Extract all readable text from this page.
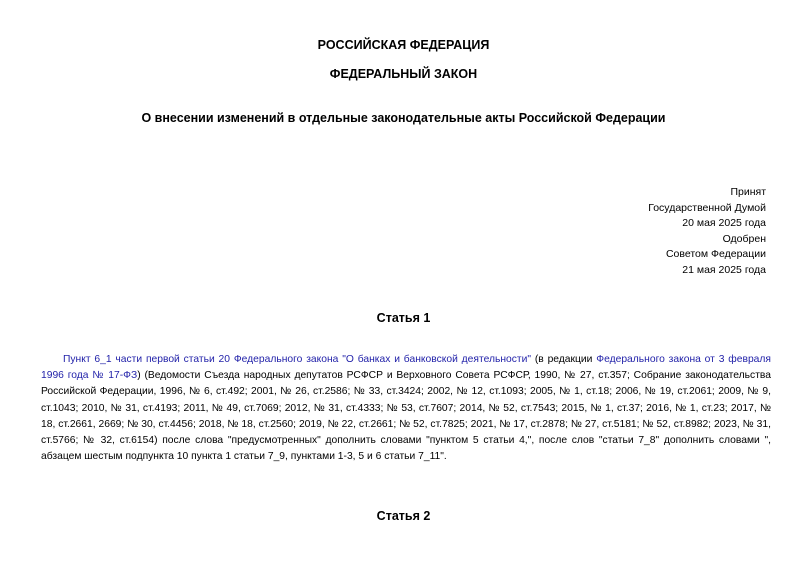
РОССИЙСКАЯ ФЕДЕРАЦИЯ
ФЕДЕРАЛЬНЫЙ ЗАКОН
О внесении изменений в отдельные законодательные акты Российской Федерации
Принят
Государственной Думой
20 мая 2025 года
Одобрен
Советом Федерации
21 мая 2025 года
Статья 1

Пункт 6_1 части первой статьи 20 Федерального закона "О банках и банковской деятельности" (в редакции Федерального закона от 3 февраля 1996 года № 17-ФЗ) (Ведомости Съезда народных депутатов РСФСР и Верховного Совета РСФСР, 1990, № 27, ст.357; Собрание законодательства Российской Федерации, 1996, № 6, ст.492; 2001, № 26, ст.2586; № 33, ст.3424; 2002, № 12, ст.1093; 2005, № 1, ст.18; 2006, № 19, ст.2061; 2009, № 9, ст.1043; 2010, № 31, ст.4193; 2011, № 49, ст.7069; 2012, № 31, ст.4333; № 53, ст.7607; 2014, № 52, ст.7543; 2015, № 1, ст.37; 2016, № 1, ст.23; 2017, № 18, ст.2661, 2669; № 30, ст.4456; 2018, № 18, ст.2560; 2019, № 22, ст.2661; № 52, ст.7825; 2021, № 17, ст.2878; № 27, ст.5181; № 52, ст.8982; 2023, № 31, ст.5766; № 32, ст.6154) после слова "предусмотренных" дополнить словами "пунктом 5 статьи 4,", после слов "статьи 7_8" дополнить словами ", абзацем шестым подпункта 10 пункта 1 статьи 7_9, пунктами 1-3, 5 и 6 статьи 7_11".

Статья 2
